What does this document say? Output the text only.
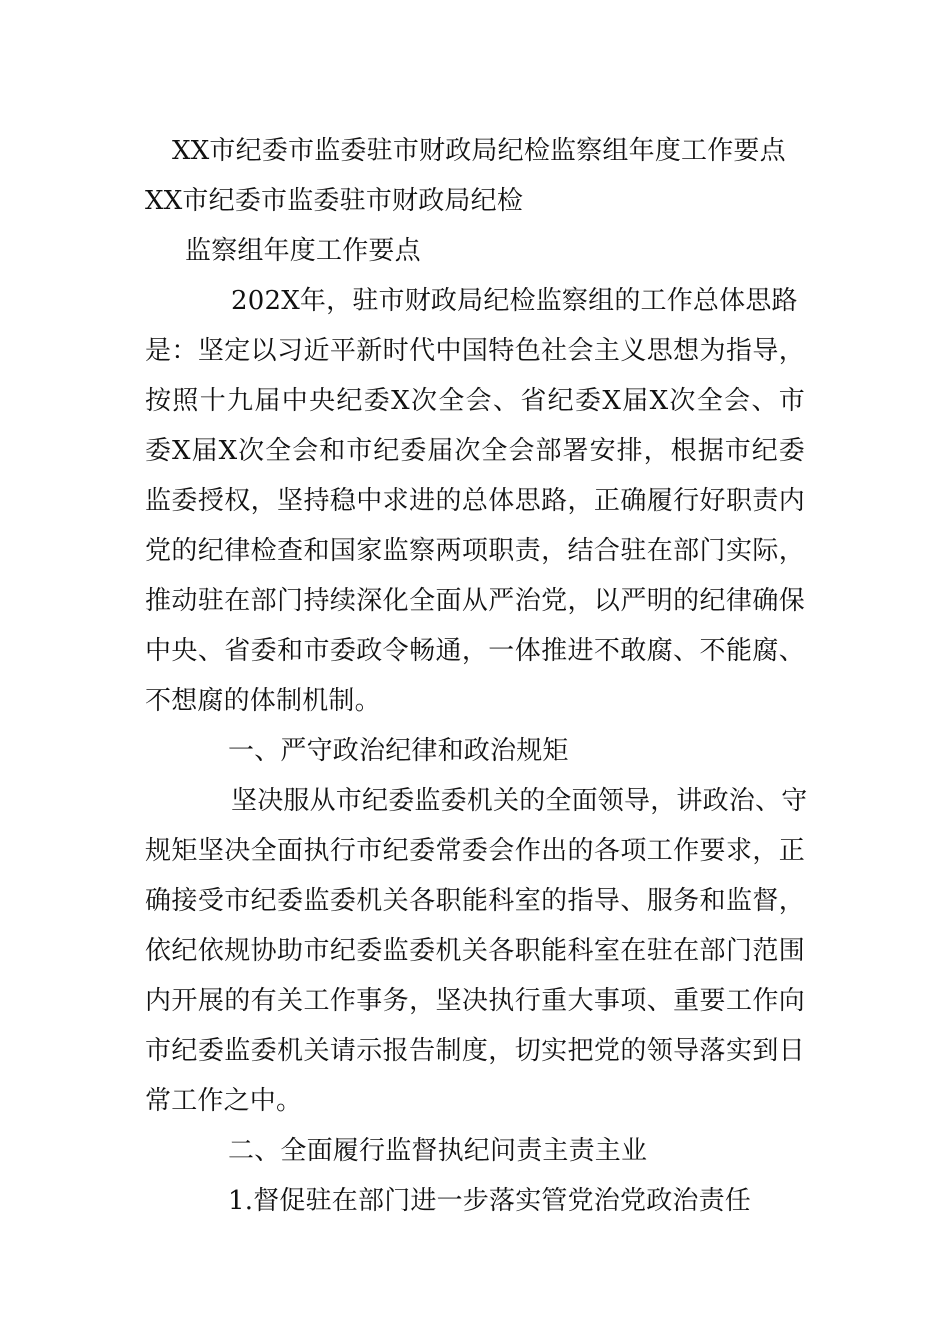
XX市纪委市监委驻市财政局纪检监察组年度工作要点
XX市纪委市监委驻市财政局纪检
监察组年度工作要点
202X年，驻市财政局纪检监察组的工作总体思路
是：坚定以习近平新时代中国特色社会主义思想为指导，
按照十九届中央纪委X次全会、省纪委X届X次全会、市
委X届X次全会和市纪委届次全会部署安排，根据市纪委
监委授权，坚持稳中求进的总体思路，正确履行好职责内
党的纪律检查和国家监察两项职责，结合驻在部门实际，
推动驻在部门持续深化全面从严治党，以严明的纪律确保
中央、省委和市委政令畅通，一体推进不敢腐、不能腐、
不想腐的体制机制。
一、严守政治纪律和政治规矩
坚决服从市纪委监委机关的全面领导，讲政治、守
规矩坚决全面执行市纪委常委会作出的各项工作要求，正
确接受市纪委监委机关各职能科室的指导、服务和监督，
依纪依规协助市纪委监委机关各职能科室在驻在部门范围
内开展的有关工作事务，坚决执行重大事项、重要工作向
市纪委监委机关请示报告制度，切实把党的领导落实到日
常工作之中。
二、全面履行监督执纪问责主责主业
1.督促驻在部门进一步落实管党治党政治责任
